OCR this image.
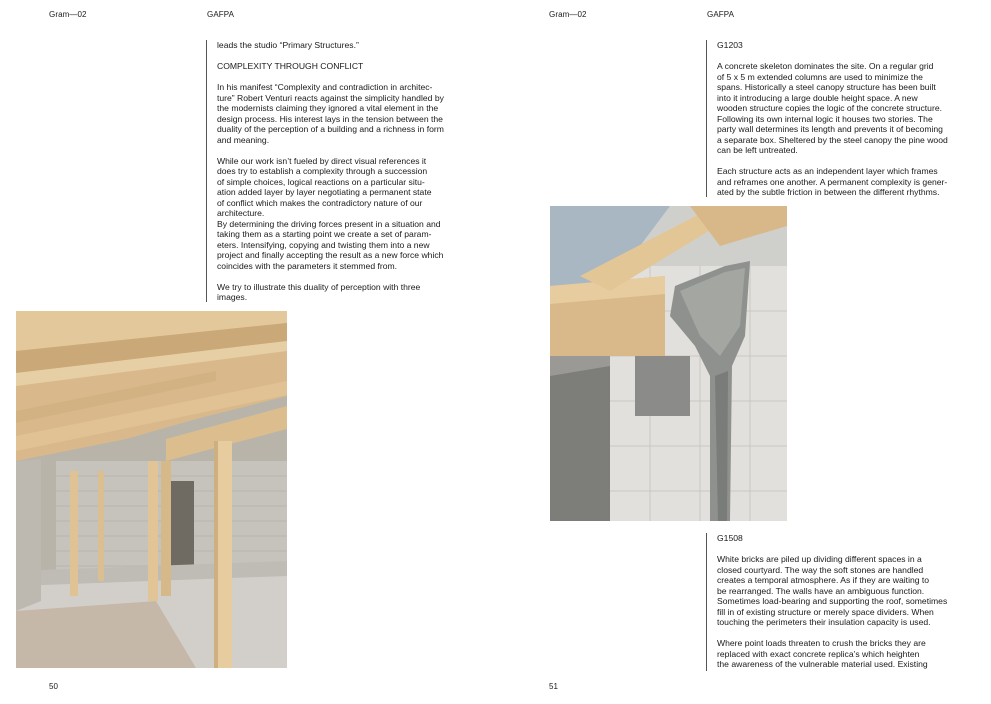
Gram—02	GAFPA

leads the studio “Primary Structures.”

COMPLEXITY THROUGH CONFLICT

In his manifest “Complexity and contradiction in architec-
ture” Robert Venturi reacts against the simplicity handled by
the modernists claiming they ignored a vital element in the
design process. His interest lays in the tension between the
duality of the perception of a building and a richness in form
and meaning.

While our work isn’t fueled by direct visual references it
does try to establish a complexity through a succession
of simple choices, logical reactions on a particular situ-
ation added layer by layer negotiating a permanent state
of conflict which makes the contradictory nature of our
architecture.

By determining the driving forces present in a situation and
taking them as a starting point we create a set of param-
eters. Intensifying, copying and twisting them into a new
project and finally accepting the result as a new force which
coincides with the parameters it stemmed from.

We try to illustrate this duality of perception with three
images.

50
Gram—02	GAFPA

G1203

A concrete skeleton dominates the site. On a regular grid
of 5 x 5 m extended columns are used to minimize the
spans. Historically a steel canopy structure has been built
into it introducing a large double height space. A new
wooden structure copies the logic of the concrete structure.
Following its own internal logic it houses two stories. The
party wall determines its length and prevents it of becoming
a separate box. Sheltered by the steel canopy the pine wood
can be left untreated.

Each structure acts as an independent layer which frames
and reframes one another. A permanent complexity is gener-
ated by the subtle friction in between the different rhythms.

G1508

White bricks are piled up dividing different spaces in a
closed courtyard. The way the soft stones are handled
creates a temporal atmosphere. As if they are waiting to
be rearranged. The walls have an ambiguous function.
Sometimes load-bearing and supporting the roof, sometimes
fill in of existing structure or merely space dividers. When
touching the perimeters their insulation capacity is used.

Where point loads threaten to crush the bricks they are
replaced with exact concrete replica’s which heighten
the awareness of the vulnerable material used. Existing

51
